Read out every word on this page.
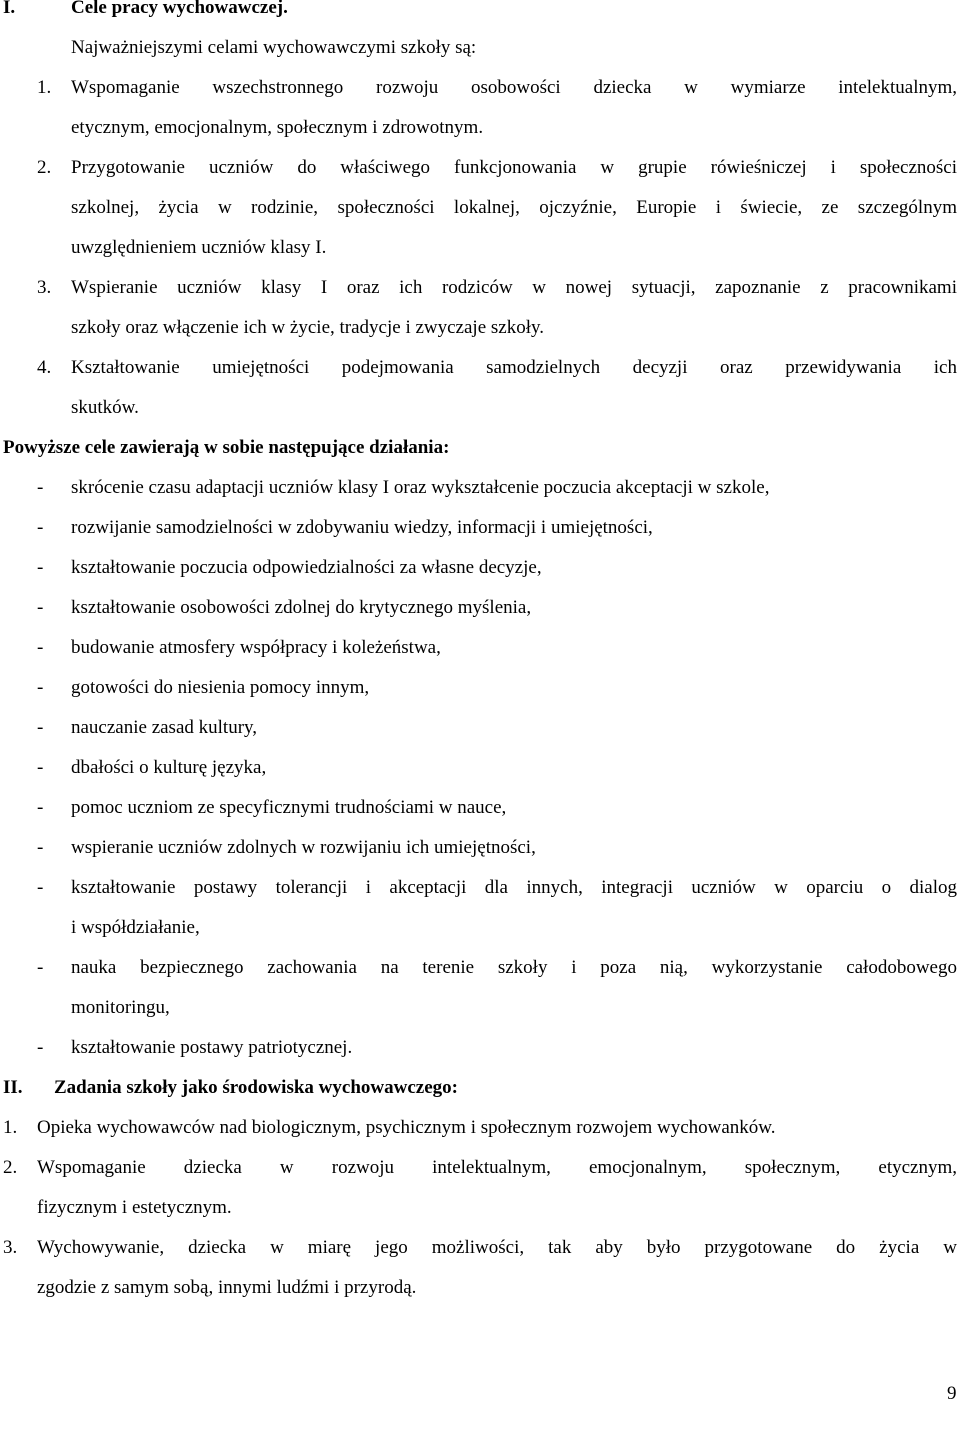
I.	Cele pracy wychowawczej.
Najważniejszymi celami wychowawczymi szkoły są:
1. Wspomaganie wszechstronnego rozwoju osobowości dziecka w wymiarze intelektualnym,
etycznym, emocjonalnym, społecznym i zdrowotnym.
2. Przygotowanie uczniów do właściwego funkcjonowania w grupie rówieśniczej i społeczności
szkolnej, życia w rodzinie, społeczności lokalnej, ojczyźnie, Europie i świecie, ze szczególnym
uwzględnieniem uczniów klasy I.
3. Wspieranie uczniów klasy I oraz ich rodziców w nowej sytuacji, zapoznanie z pracownikami
szkoły oraz włączenie ich w życie, tradycje i zwyczaje szkoły.
4. Kształtowanie umiejętności podejmowania samodzielnych decyzji oraz przewidywania ich
skutków.
Powyższe cele zawierają w sobie następujące działania:
- skrócenie czasu adaptacji uczniów klasy I oraz wykształcenie poczucia akceptacji w szkole,
- rozwijanie samodzielności w zdobywaniu wiedzy, informacji i umiejętności,
- kształtowanie poczucia odpowiedzialności za własne decyzje,
- kształtowanie osobowości zdolnej do krytycznego myślenia,
- budowanie atmosfery współpracy i koleżeństwa,
- gotowości do niesienia pomocy innym,
- nauczanie zasad kultury,
- dbałości o kulturę języka,
- pomoc uczniom ze specyficznymi trudnościami w nauce,
- wspieranie uczniów zdolnych w rozwijaniu ich umiejętności,
- kształtowanie postawy tolerancji i akceptacji dla innych, integracji uczniów w oparciu o dialog
i współdziałanie,
- nauka bezpiecznego zachowania na terenie szkoły i poza nią, wykorzystanie całodobowego
monitoringu,
- kształtowanie postawy patriotycznej.
II. Zadania szkoły jako środowiska wychowawczego:
1. Opieka wychowawców nad biologicznym, psychicznym i społecznym rozwojem wychowanków.
2. Wspomaganie dziecka w rozwoju intelektualnym, emocjonalnym, społecznym, etycznym,
fizycznym i estetycznym.
3. Wychowywanie, dziecka w miarę jego możliwości, tak aby było przygotowane do życia w
zgodzie z samym sobą, innymi ludźmi i przyrodą.
9
